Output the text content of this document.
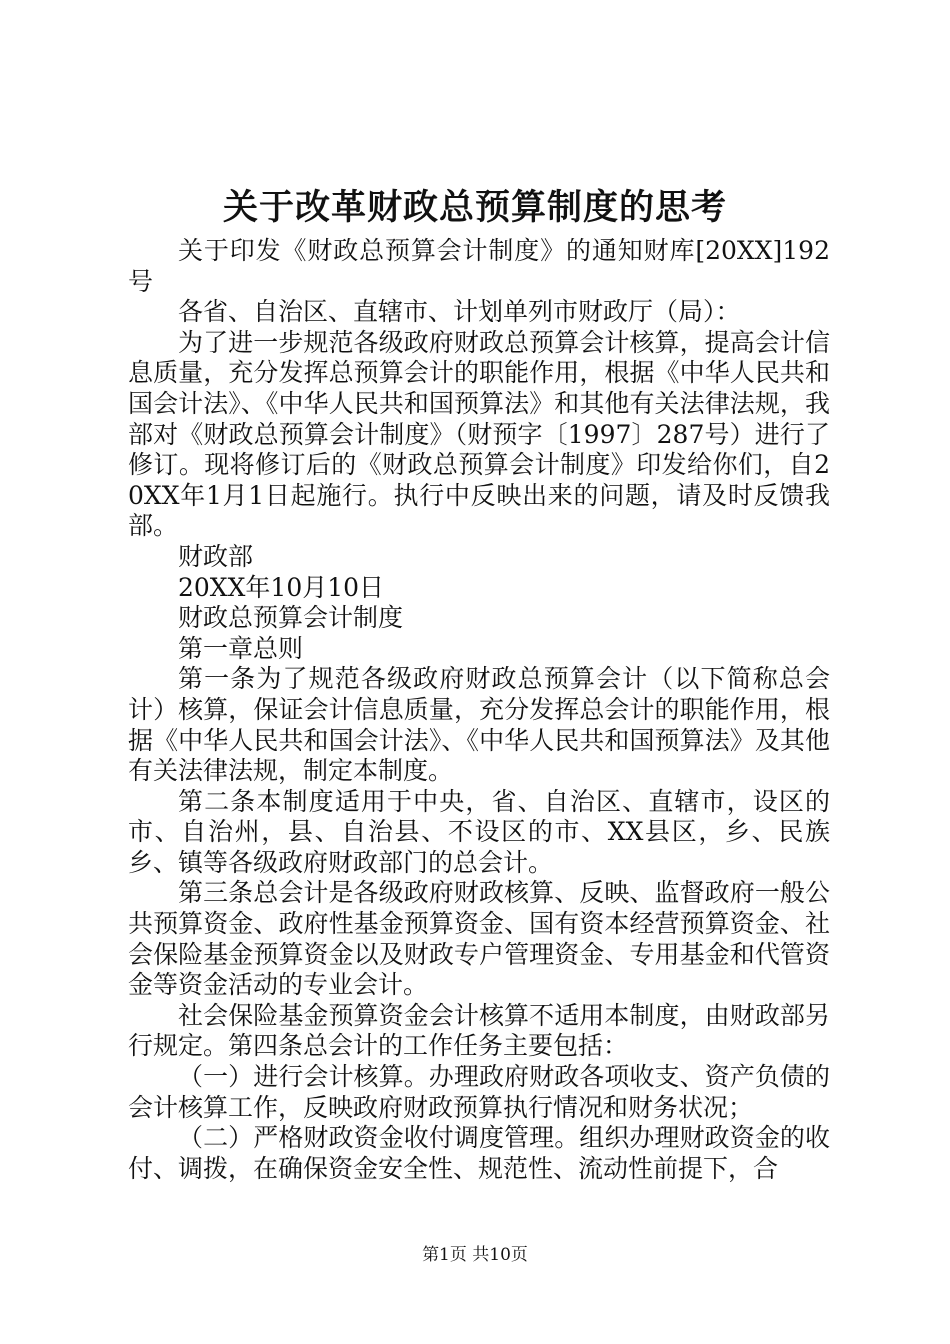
关于改革财政总预算制度的思考

关于印发《财政总预算会计制度》的通知财库[20XX]192号

各省、自治区、直辖市、计划单列市财政厅（局）：

为了进一步规范各级政府财政总预算会计核算，提高会计信息质量，充分发挥总预算会计的职能作用，根据《中华人民共和国会计法》、《中华人民共和国预算法》和其他有关法律法规，我部对《财政总预算会计制度》（财预字〔1997〕287号）进行了修订。现将修订后的《财政总预算会计制度》印发给你们，自20XX年1月1日起施行。执行中反映出来的问题，请及时反馈我部。

财政部

20XX年10月10日

财政总预算会计制度

第一章总则

第一条为了规范各级政府财政总预算会计（以下简称总会计）核算，保证会计信息质量，充分发挥总会计的职能作用，根据《中华人民共和国会计法》、《中华人民共和国预算法》及其他有关法律法规，制定本制度。

第二条本制度适用于中央，省、自治区、直辖市，设区的市、自治州，县、自治县、不设区的市、XX县区，乡、民族乡、镇等各级政府财政部门的总会计。

第三条总会计是各级政府财政核算、反映、监督政府一般公共预算资金、政府性基金预算资金、国有资本经营预算资金、社会保险基金预算资金以及财政专户管理资金、专用基金和代管资金等资金活动的专业会计。

社会保险基金预算资金会计核算不适用本制度，由财政部另行规定。第四条总会计的工作任务主要包括：

（一）进行会计核算。办理政府财政各项收支、资产负债的会计核算工作，反映政府财政预算执行情况和财务状况；

（二）严格财政资金收付调度管理。组织办理财政资金的收付、调拨，在确保资金安全性、规范性、流动性前提下，合

第1页 共10页
